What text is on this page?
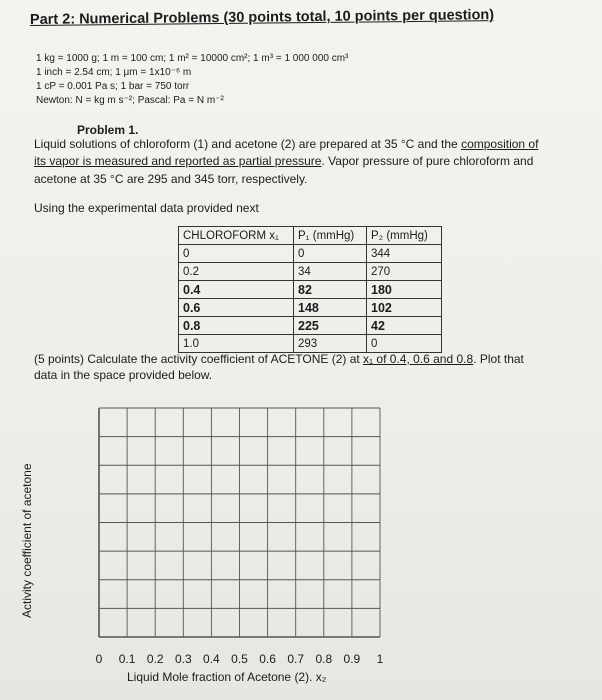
Part 2: Numerical Problems (30 points total, 10 points per question)
1 kg = 1000 g; 1 m = 100 cm; 1 m² = 10000 cm²; 1 m³ = 1 000 000 cm³
1 inch = 2.54 cm; 1 μm = 1x10⁻⁶ m
1 cP = 0.001 Pa s; 1 bar = 750 torr
Newton: N = kg m s⁻²; Pascal: Pa = N m⁻²
Problem 1.
Liquid solutions of chloroform (1) and acetone (2) are prepared at 35 °C and the composition of
its vapor is measured and reported as partial pressure. Vapor pressure of pure chloroform and
acetone at 35 °C are 295 and 345 torr, respectively.
Using the experimental data provided next
CHLOROFORM x₁	P₁ (mmHg)	P₂ (mmHg)
0	0	344
0.2	34	270
0.4	82	180
0.6	148	102
0.8	225	42
1.0	293	0
(5 points) Calculate the activity coefficient of ACETONE (2) at x₁ of 0.4, 0.6 and 0.8. Plot that
data in the space provided below.
Activity coefficient of acetone
0 0.1 0.2 0.3 0.4 0.5 0.6 0.7 0.8 0.9 1
Liquid Mole fraction of Acetone (2). x₂
